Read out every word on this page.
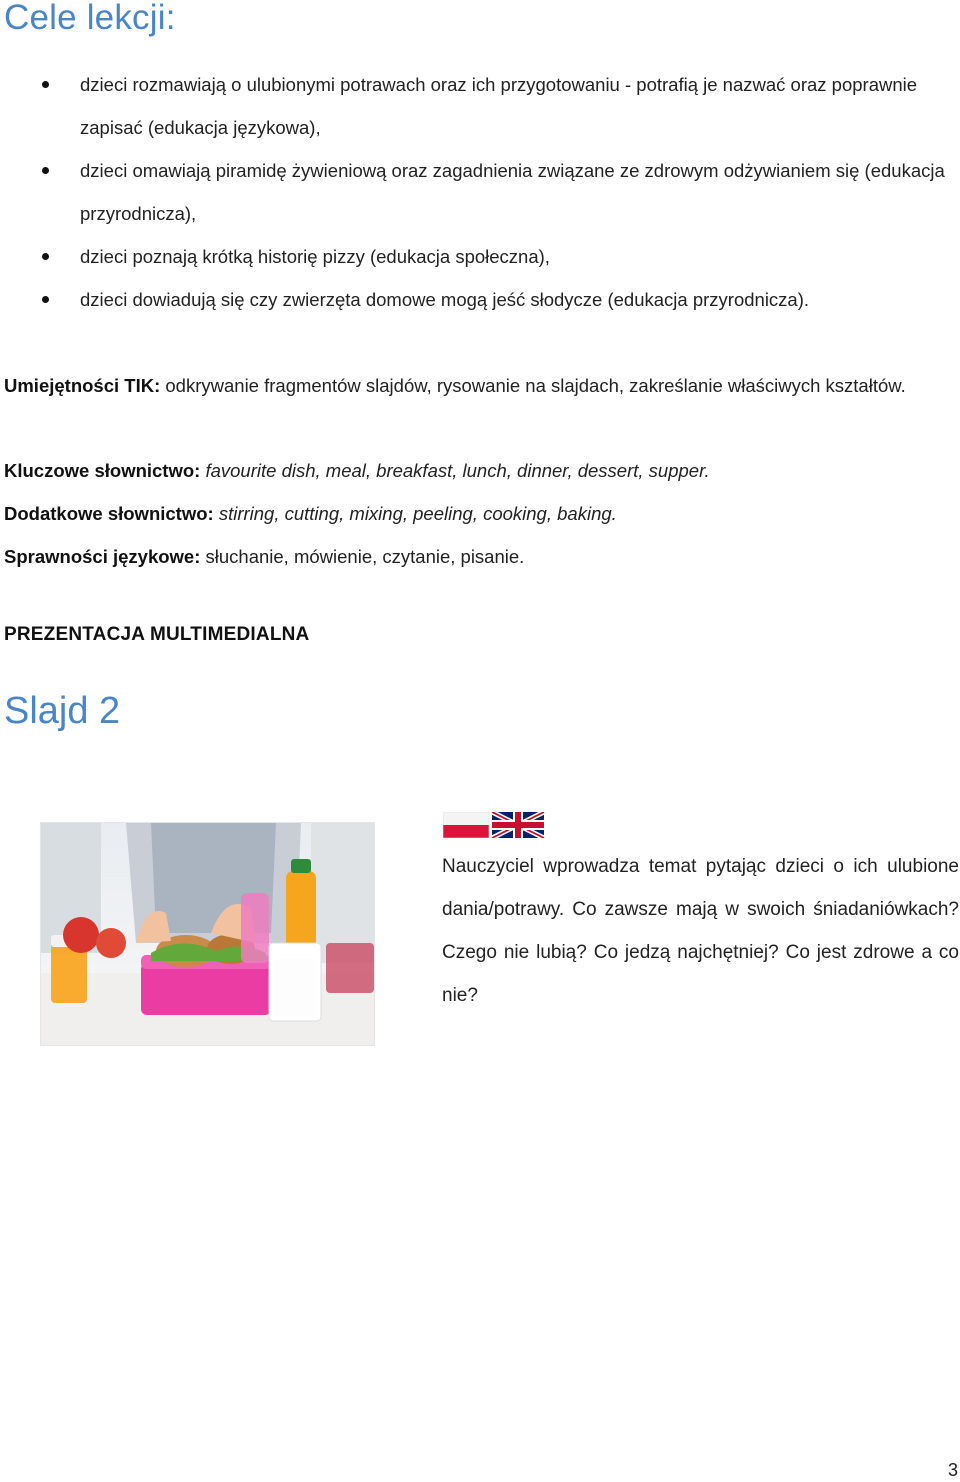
Cele lekcji:
dzieci rozmawiają o ulubionymi potrawach oraz ich przygotowaniu - potrafią je nazwać oraz poprawnie zapisać (edukacja językowa),
dzieci omawiają piramidę żywieniową oraz zagadnienia związane ze zdrowym odżywianiem się (edukacja przyrodnicza),
dzieci poznają krótką historię pizzy (edukacja społeczna),
dzieci dowiadują się czy zwierzęta domowe mogą jeść słodycze (edukacja przyrodnicza).
Umiejętności TIK: odkrywanie fragmentów slajdów, rysowanie na slajdach, zakreślanie właściwych kształtów.
Kluczowe słownictwo: favourite dish, meal, breakfast, lunch, dinner, dessert, supper.
Dodatkowe słownictwo: stirring, cutting, mixing, peeling, cooking, baking.
Sprawności językowe: słuchanie, mówienie, czytanie, pisanie.
PREZENTACJA MULTIMEDIALNA
Slajd 2
Nauczyciel wprowadza temat pytając dzieci o ich ulubione dania/potrawy. Co zawsze mają w swoich śniadaniówkach? Czego nie lubią? Co jedzą najchętniej? Co jest zdrowe a co nie?
3
